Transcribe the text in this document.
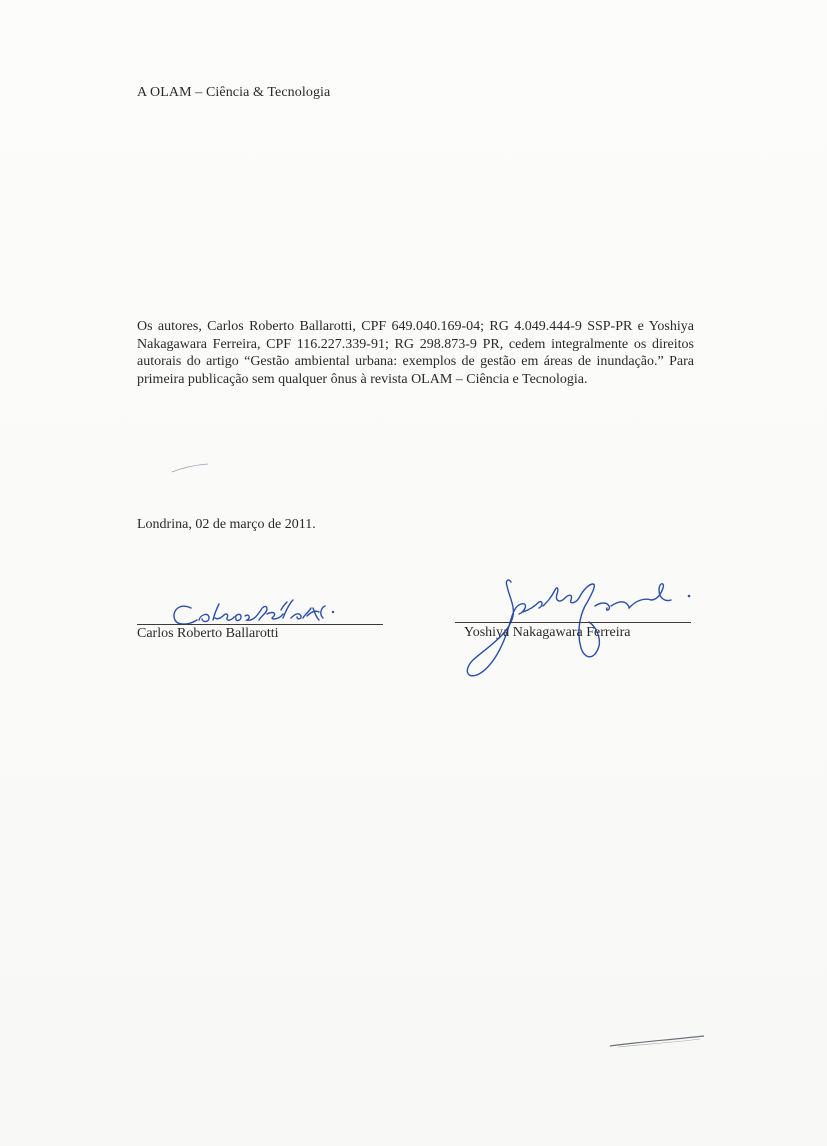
A OLAM – Ciência & Tecnologia

Os autores, Carlos Roberto Ballarotti, CPF 649.040.169-04; RG 4.049.444-9 SSP-PR e Yoshiya Nakagawara Ferreira, CPF 116.227.339-91; RG 298.873-9 PR, cedem integralmente os direitos autorais do artigo “Gestão ambiental urbana: exemplos de gestão em áreas de inundação.” Para primeira publicação sem qualquer ônus à revista OLAM – Ciência e Tecnologia.

Londrina, 02 de março de 2011.
Carlos Roberto Ballarotti	Yoshiya Nakagawara Ferreira
